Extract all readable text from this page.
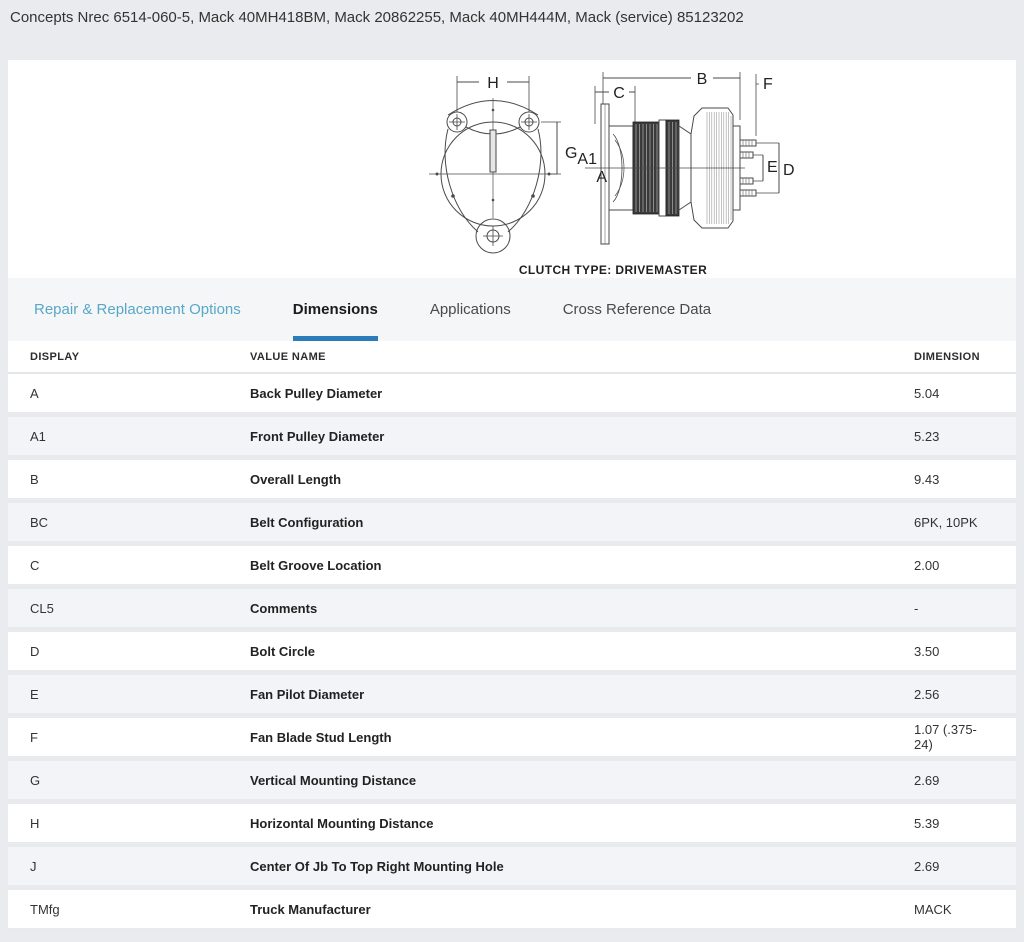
Concepts Nrec 6514-060-5, Mack 40MH418BM, Mack 20862255, Mack 40MH444M, Mack (service) 85123202
H
G
B
C
F
E D
A1
A
CLUTCH TYPE: DRIVEMASTER
Repair & Replacement Options	Dimensions	Applications	Cross Reference Data
DISPLAY	VALUE NAME	DIMENSION
A	Back Pulley Diameter	5.04
A1	Front Pulley Diameter	5.23
B	Overall Length	9.43
BC	Belt Configuration	6PK, 10PK
C	Belt Groove Location	2.00
CL5	Comments	-
D	Bolt Circle	3.50
E	Fan Pilot Diameter	2.56
F	Fan Blade Stud Length	1.07 (.375-24)
G	Vertical Mounting Distance	2.69
H	Horizontal Mounting Distance	5.39
J	Center Of Jb To Top Right Mounting Hole	2.69
TMfg	Truck Manufacturer	MACK
